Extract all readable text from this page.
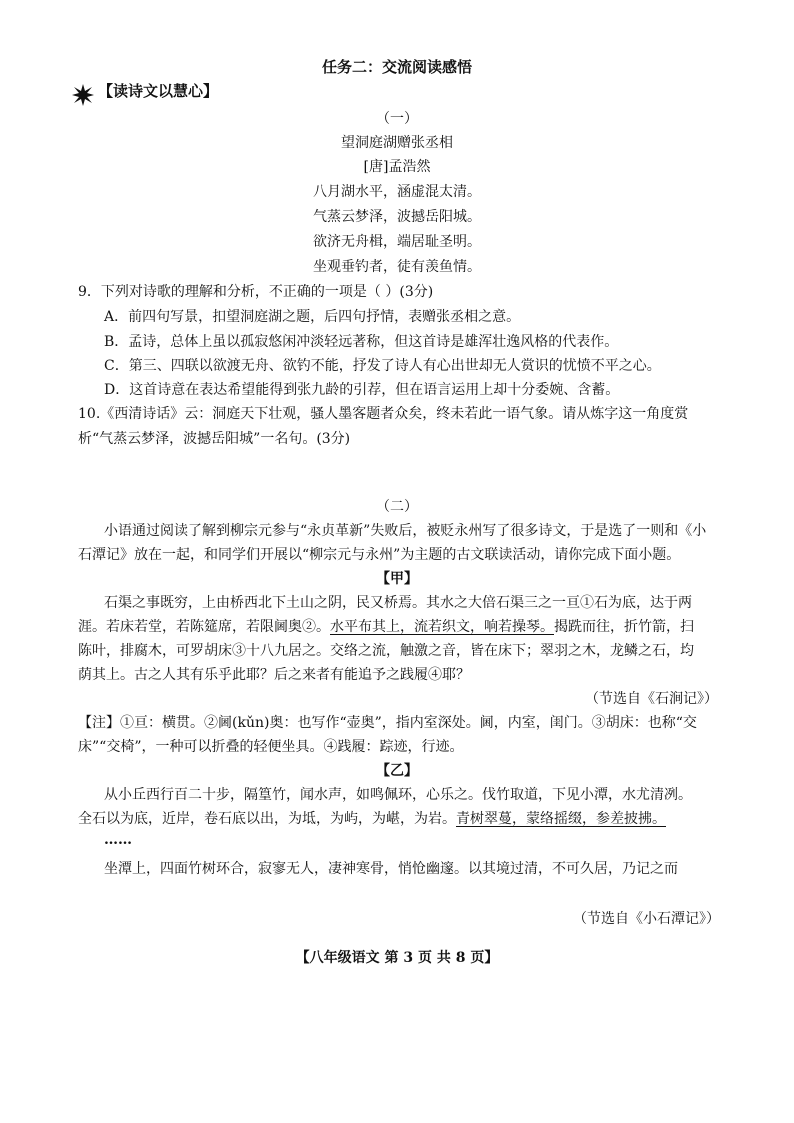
任务二：交流阅读感悟
【读诗文以慧心】
（一）
望洞庭湖赠张丞相
[唐]孟浩然
八月湖水平，涵虚混太清。
气蒸云梦泽，波撼岳阳城。
欲济无舟楫，端居耻圣明。
坐观垂钓者，徒有羡鱼情。
9．下列对诗歌的理解和分析，不正确的一项是（ ）(3分)
A．前四句写景，扣望洞庭湖之题，后四句抒情，表赠张丞相之意。
B．孟诗，总体上虽以孤寂悠闲冲淡轻远著称，但这首诗是雄浑壮逸风格的代表作。
C．第三、四联以欲渡无舟、欲钓不能，抒发了诗人有心出世却无人赏识的忧愤不平之心。
D．这首诗意在表达希望能得到张九龄的引荐，但在语言运用上却十分委婉、含蓄。
10.《西清诗话》云：洞庭天下壮观，骚人墨客题者众矣，终未若此一语气象。请从炼字这一角度赏
析“气蒸云梦泽，波撼岳阳城”一名句。(3分)
（二）
小语通过阅读了解到柳宗元参与“永贞革新”失败后，被贬永州写了很多诗文，于是选了一则和《小
石潭记》放在一起，和同学们开展以“柳宗元与永州”为主题的古文联读活动，请你完成下面小题。
【甲】
石渠之事既穷，上由桥西北下土山之阴，民又桥焉。其水之大倍石渠三之一亘①石为底，达于两
涯。若床若堂，若陈筵席，若限阃奥②。水平布其上，流若织文，响若操琴。揭跣而往，折竹箭，扫
陈叶，排腐木，可罗胡床③十八九居之。交络之流，触激之音，皆在床下；翠羽之木，龙鳞之石，均
荫其上。古之人其有乐乎此耶？后之来者有能追予之践履④耶？
（节选自《石涧记》）
【注】①亘：横贯。②阃(kǔn)奥：也写作“壶奥”，指内室深处。阃，内室，闺门。③胡床：也称“交
床”“交椅”，一种可以折叠的轻便坐具。④践履：踪迹，行迹。
【乙】
从小丘西行百二十步，隔篁竹，闻水声，如鸣佩环，心乐之。伐竹取道，下见小潭，水尤清冽。
全石以为底，近岸，卷石底以出，为坻，为屿，为嵁，为岩。青树翠蔓，蒙络摇缀，参差披拂。
……
坐潭上，四面竹树环合，寂寥无人，凄神寒骨，悄怆幽邃。以其境过清，不可久居，乃记之而
（节选自《小石潭记》）
【八年级语文 第 3 页 共 8 页】
